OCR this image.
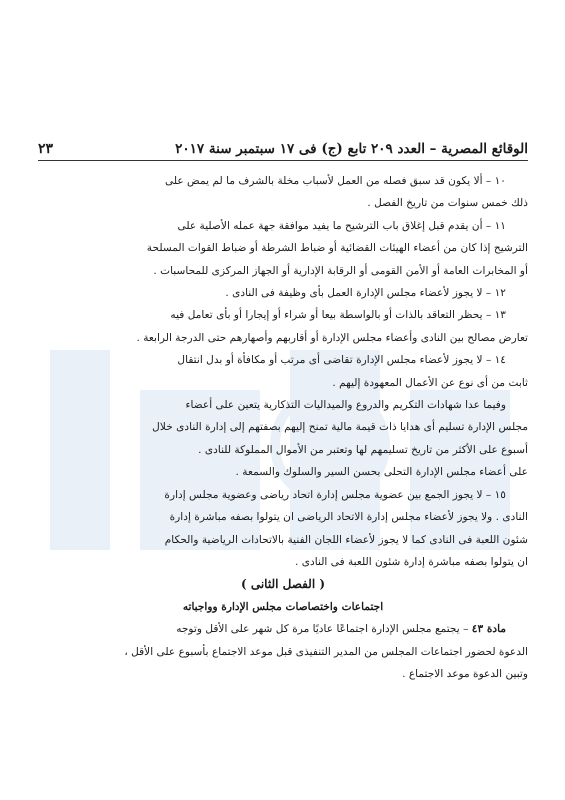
الوقائع المصرية – العدد ٢٠٩ تابع (ج) فى ١٧ سبتمبر سنة ٢٠١٧
٢٣

١٠ – ألا يكون قد سبق فصله من العمل لأسباب مخلة بالشرف ما لم يمض على

ذلك خمس سنوات من تاريخ الفصل .

١١ – أن يقدم قبل إغلاق باب الترشيح ما يفيد موافقة جهة عمله الأصلية على

الترشيح إذا كان من أعضاء الهيئات القضائية أو ضباط الشرطة أو ضباط القوات المسلحة

أو المخابرات العامة أو الأمن القومى أو الرقابة الإدارية أو الجهاز المركزى للمحاسبات .

١٢ – لا يجوز لأعضاء مجلس الإدارة العمل بأى وظيفة فى النادى .

١٣ – يحظر التعاقد بالذات أو بالواسطة بيعا أو شراء أو إيجارا أو بأى تعامل فيه

تعارض مصالح بين النادى وأعضاء مجلس الإدارة أو أقاربهم وأصهارهم حتى الدرجة الرابعة .

١٤ – لا يجوز لأعضاء مجلس الإدارة تقاضى أى مرتب أو مكافأة أو بدل انتقال

ثابت من أى نوع عن الأعمال المعهودة إليهم .

وفيما عدا شهادات التكريم والدروع والميداليات التذكارية يتعين على أعضاء

مجلس الإدارة تسليم أى هدايا ذات قيمة مالية تمنح إليهم بصفتهم إلى إدارة النادى خلال

أسبوع على الأكثر من تاريخ تسليمهم لها وتعتبر من الأموال المملوكة للنادى .

على أعضاء مجلس الإدارة التحلى بحسن السير والسلوك والسمعة .

١٥ – لا يجوز الجمع بين عضوية مجلس إدارة اتحاد رياضى وعضوية مجلس إدارة

النادى . ولا يجوز لأعضاء مجلس إدارة الاتحاد الرياضى ان يتولوا بصفه مباشرة إدارة

شئون اللعبة فى النادى كما لا يجوز لأعضاء اللجان الفنية بالاتحادات الرياضية والحكام

ان يتولوا بصفه مباشرة إدارة شئون اللعبة فى النادى .

( الفصل الثانى )

اجتماعات واختصاصات مجلس الإدارة وواجباته

مادة ٤٣ – يجتمع مجلس الإدارة اجتماعًا عاديًا مرة كل شهر على الأقل وتوجه

الدعوة لحضور اجتماعات المجلس من المدير التنفيذى قبل موعد الاجتماع بأسبوع على الأقل ،

وتبين الدعوة موعد الاجتماع .
